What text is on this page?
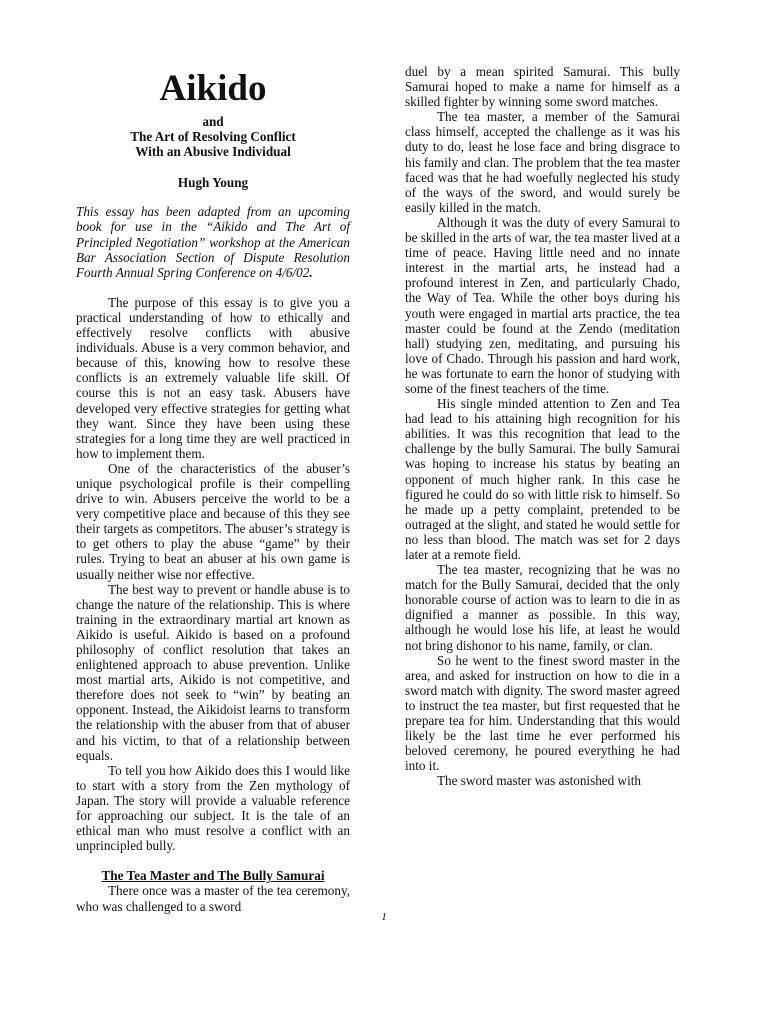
Aikido
and
The Art of Resolving Conflict
With an Abusive Individual
Hugh Young
This essay has been adapted from an upcoming book for use in the “Aikido and The Art of Principled Negotiation” workshop at the American Bar Association Section of Dispute Resolution Fourth Annual Spring Conference on 4/6/02.

The purpose of this essay is to give you a practical understanding of how to ethically and effectively resolve conflicts with abusive individuals. Abuse is a very common behavior, and because of this, knowing how to resolve these conflicts is an extremely valuable life skill. Of course this is not an easy task. Abusers have developed very effective strategies for getting what they want. Since they have been using these strategies for a long time they are well practiced in how to implement them.

One of the characteristics of the abuser’s unique psychological profile is their compelling drive to win. Abusers perceive the world to be a very competitive place and because of this they see their targets as competitors. The abuser’s strategy is to get others to play the abuse “game” by their rules. Trying to beat an abuser at his own game is usually neither wise nor effective.

The best way to prevent or handle abuse is to change the nature of the relationship. This is where training in the extraordinary martial art known as Aikido is useful. Aikido is based on a profound philosophy of conflict resolution that takes an enlightened approach to abuse prevention. Unlike most martial arts, Aikido is not competitive, and therefore does not seek to “win” by beating an opponent. Instead, the Aikidoist learns to transform the relationship with the abuser from that of abuser and his victim, to that of a relationship between equals.

To tell you how Aikido does this I would like to start with a story from the Zen mythology of Japan. The story will provide a valuable reference for approaching our subject. It is the tale of an ethical man who must resolve a conflict with an unprincipled bully.

The Tea Master and The Bully Samurai

There once was a master of the tea ceremony, who was challenged to a sword

duel by a mean spirited Samurai. This bully Samurai hoped to make a name for himself as a skilled fighter by winning some sword matches.

The tea master, a member of the Samurai class himself, accepted the challenge as it was his duty to do, least he lose face and bring disgrace to his family and clan. The problem that the tea master faced was that he had woefully neglected his study of the ways of the sword, and would surely be easily killed in the match.

Although it was the duty of every Samurai to be skilled in the arts of war, the tea master lived at a time of peace. Having little need and no innate interest in the martial arts, he instead had a profound interest in Zen, and particularly Chado, the Way of Tea. While the other boys during his youth were engaged in martial arts practice, the tea master could be found at the Zendo (meditation hall) studying zen, meditating, and pursuing his love of Chado. Through his passion and hard work, he was fortunate to earn the honor of studying with some of the finest teachers of the time.

His single minded attention to Zen and Tea had lead to his attaining high recognition for his abilities. It was this recognition that lead to the challenge by the bully Samurai. The bully Samurai was hoping to increase his status by beating an opponent of much higher rank. In this case he figured he could do so with little risk to himself. So he made up a petty complaint, pretended to be outraged at the slight, and stated he would settle for no less than blood. The match was set for 2 days later at a remote field.

The tea master, recognizing that he was no match for the Bully Samurai, decided that the only honorable course of action was to learn to die in as dignified a manner as possible. In this way, although he would lose his life, at least he would not bring dishonor to his name, family, or clan.

So he went to the finest sword master in the area, and asked for instruction on how to die in a sword match with dignity. The sword master agreed to instruct the tea master, but first requested that he prepare tea for him. Understanding that this would likely be the last time he ever performed his beloved ceremony, he poured everything he had into it.

The sword master was astonished with

1
